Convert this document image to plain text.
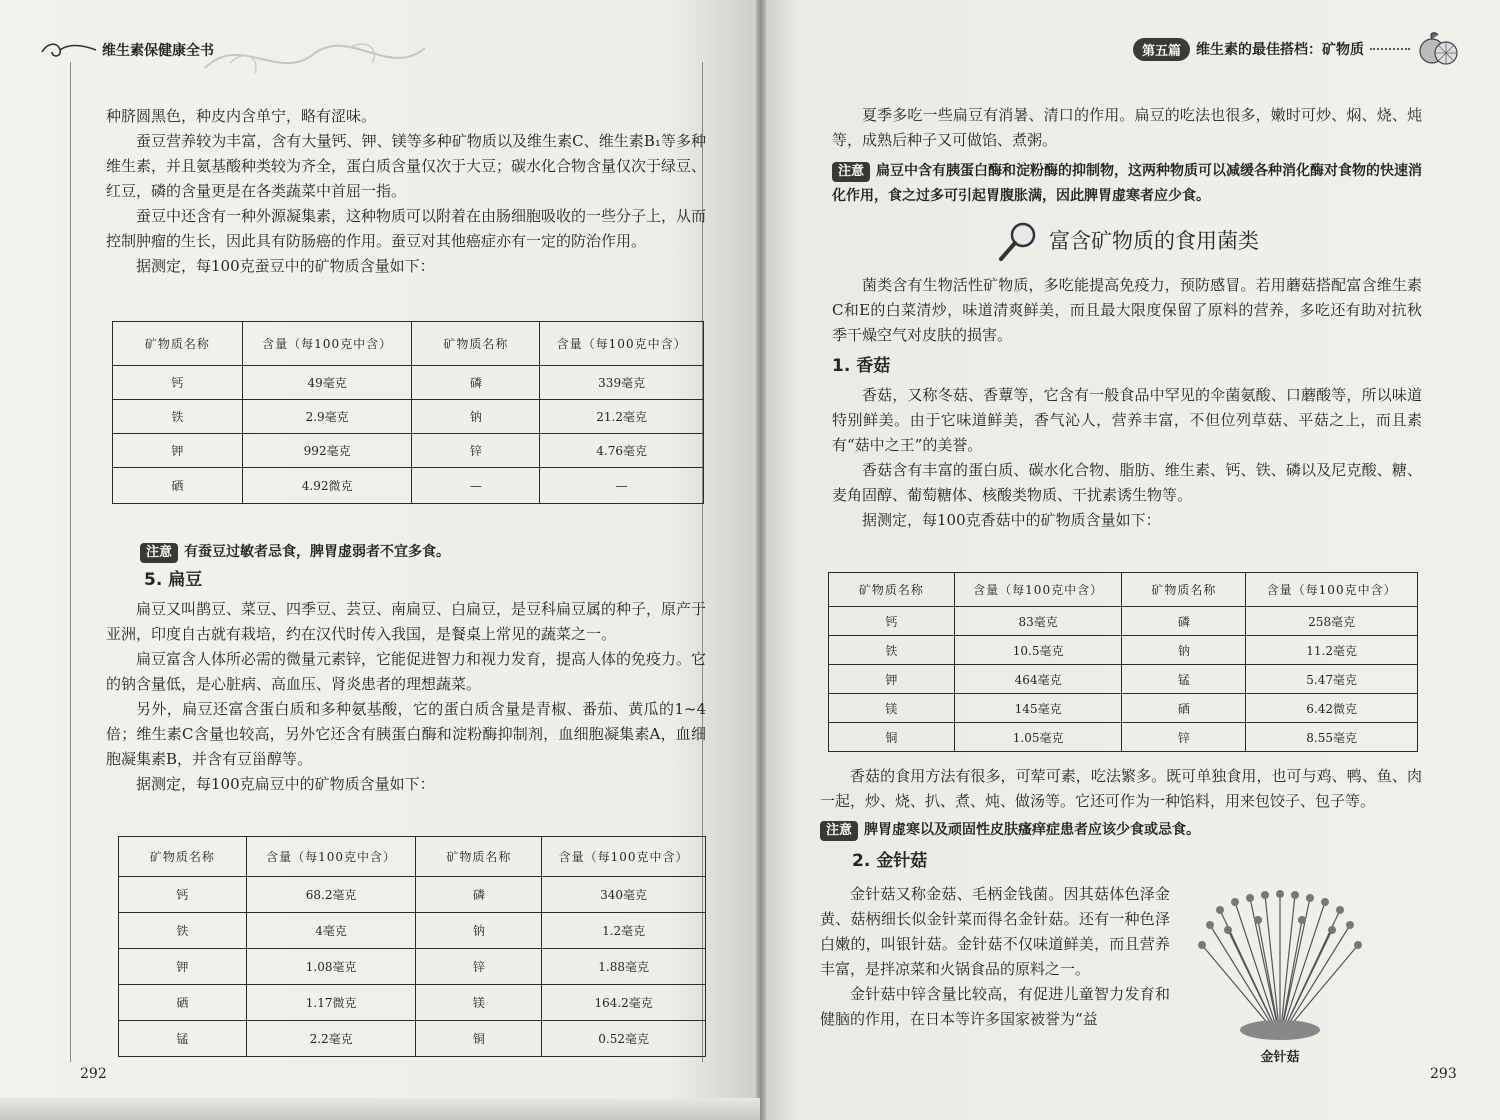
维生素保健康全书

种脐圆黑色，种皮内含单宁，略有涩味。

蚕豆营养较为丰富，含有大量钙、钾、镁等多种矿物质以及维生素C、维生素B₁等多种维生素，并且氨基酸种类较为齐全，蛋白质含量仅次于大豆；碳水化合物含量仅次于绿豆、红豆，磷的含量更是在各类蔬菜中首屈一指。

蚕豆中还含有一种外源凝集素，这种物质可以附着在由肠细胞吸收的一些分子上，从而控制肿瘤的生长，因此具有防肠癌的作用。蚕豆对其他癌症亦有一定的防治作用。

据测定，每100克蚕豆中的矿物质含量如下：

矿物质名称	含量（每100克中含）	矿物质名称	含量（每100克中含）
钙	49毫克	磷	339毫克
铁	2.9毫克	钠	21.2毫克
钾	992毫克	锌	4.76毫克
硒	4.92微克	—	—
注意 有蚕豆过敏者忌食，脾胃虚弱者不宜多食。
5. 扁豆

扁豆又叫鹊豆、菜豆、四季豆、芸豆、南扁豆、白扁豆，是豆科扁豆属的种子，原产于亚洲，印度自古就有栽培，约在汉代时传入我国，是餐桌上常见的蔬菜之一。

扁豆富含人体所必需的微量元素锌，它能促进智力和视力发育，提高人体的免疫力。它的钠含量低，是心脏病、高血压、肾炎患者的理想蔬菜。

另外，扁豆还富含蛋白质和多种氨基酸，它的蛋白质含量是青椒、番茄、黄瓜的1~4倍；维生素C含量也较高，另外它还含有胰蛋白酶和淀粉酶抑制剂，血细胞凝集素A，血细胞凝集素B，并含有豆甾醇等。

据测定，每100克扁豆中的矿物质含量如下：

矿物质名称	含量（每100克中含）	矿物质名称	含量（每100克中含）
钙	68.2毫克	磷	340毫克
铁	4毫克	钠	1.2毫克
钾	1.08毫克	锌	1.88毫克
硒	1.17微克	镁	164.2毫克
锰	2.2毫克	铜	0.52毫克
292
第五篇	维生素的最佳搭档：矿物质

夏季多吃一些扁豆有消暑、清口的作用。扁豆的吃法也很多，嫩时可炒、焖、烧、炖等，成熟后种子又可做馅、煮粥。

注意 扁豆中含有胰蛋白酶和淀粉酶的抑制物，这两种物质可以减缓各种消化酶对食物的快速消化作用，食之过多可引起胃腹胀满，因此脾胃虚寒者应少食。
富含矿物质的食用菌类

菌类含有生物活性矿物质，多吃能提高免疫力，预防感冒。若用蘑菇搭配富含维生素C和E的白菜清炒，味道清爽鲜美，而且最大限度保留了原料的营养，多吃还有助对抗秋季干燥空气对皮肤的损害。

1. 香菇

香菇，又称冬菇、香蕈等，它含有一般食品中罕见的伞菌氨酸、口蘑酸等，所以味道特别鲜美。由于它味道鲜美，香气沁人，营养丰富，不但位列草菇、平菇之上，而且素有“菇中之王”的美誉。

香菇含有丰富的蛋白质、碳水化合物、脂肪、维生素、钙、铁、磷以及尼克酸、糖、麦角固醇、葡萄糖体、核酸类物质、干扰素诱生物等。

据测定，每100克香菇中的矿物质含量如下：

矿物质名称	含量（每100克中含）	矿物质名称	含量（每100克中含）
钙	83毫克	磷	258毫克
铁	10.5毫克	钠	11.2毫克
钾	464毫克	锰	5.47毫克
镁	145毫克	硒	6.42微克
铜	1.05毫克	锌	8.55毫克

香菇的食用方法有很多，可荤可素，吃法繁多。既可单独食用，也可与鸡、鸭、鱼、肉一起，炒、烧、扒、煮、炖、做汤等。它还可作为一种馅料，用来包饺子、包子等。

注意 脾胃虚寒以及顽固性皮肤瘙痒症患者应该少食或忌食。
2. 金针菇

金针菇又称金菇、毛柄金钱菌。因其菇体色泽金黄、菇柄细长似金针菜而得名金针菇。还有一种色泽白嫩的，叫银针菇。金针菇不仅味道鲜美，而且营养丰富，是拌凉菜和火锅食品的原料之一。

金针菇中锌含量比较高，有促进儿童智力发育和健脑的作用，在日本等许多国家被誉为“益

金针菇
293
